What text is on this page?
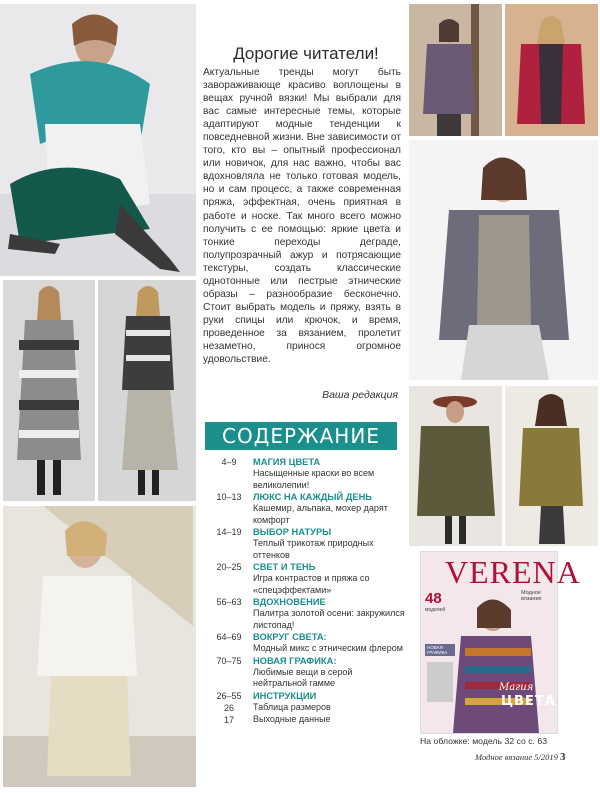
Дорогие читатели!
Актуальные тренды могут быть завораживающе красиво воплощены в вещах ручной вязки! Мы выбрали для вас самые интересные темы, которые адаптируют модные тенденции к повседневной жизни. Вне зависимости от того, кто вы – опытный профессионал или новичок, для нас важно, чтобы вас вдохновляла не только готовая модель, но и сам процесс, а также современная пряжа, эффектная, очень приятная в работе и носке. Так много всего можно получить с ее помощью: яркие цвета и тонкие переходы деграде, полупрозрачный ажур и потрясающие текстуры, создать классические однотонные или пестрые этнические образы – разнообразие бесконечно. Стоит выбрать модель и пряжу, взять в руки спицы или крючок, и время, проведенное за вязанием, пролетит незаметно, принося огромное удовольствие.
Ваша редакция
СОДЕРЖАНИЕ
4–9	МАГИЯ ЦВЕТА
Насыщенные краски во всем великолепии!
10–13	ЛЮКС НА КАЖДЫЙ ДЕНЬ
Кашемир, альпака, мохер дарят комфорт
14–19	ВЫБОР НАТУРЫ
Теплый трикотаж природных оттенков
20–25	СВЕТ И ТЕНЬ
Игра контрастов и пряжа со «спецэффектами»
56–63	ВДОХНОВЕНИЕ
Палитра золотой осени: закружился листопад!
64–69	ВОКРУГ СВЕТА:
Модный микс с этническим флером
70–75	НОВАЯ ГРАФИКА:
Любимые вещи в серой нейтральной гамме
26–55	ИНСТРУКЦИИ
26	Таблица размеров
17	Выходные данные
VERENA
Модное вязание
48
моделей
НОВАЯ ГРАФИКА
Магия
ЦВЕТА
На обложке: модель 32 со с. 63
Модное вязание 5/2019 3
